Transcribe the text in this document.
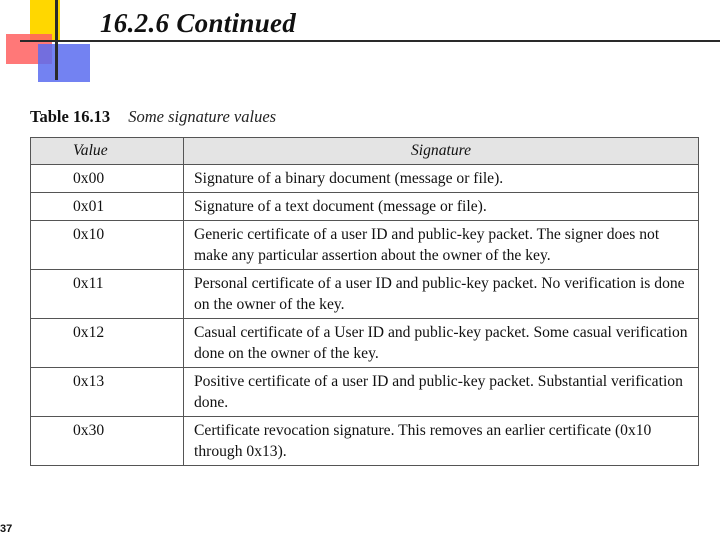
16.2.6 Continued
Table 16.13 Some signature values
Value	Signature
0x00	Signature of a binary document (message or file).
0x01	Signature of a text document (message or file).
0x10	Generic certificate of a user ID and public-key packet. The signer does not make any particular assertion about the owner of the key.
0x11	Personal certificate of a user ID and public-key packet. No verification is done on the owner of the key.
0x12	Casual certificate of a User ID and public-key packet. Some casual verification done on the owner of the key.
0x13	Positive certificate of a user ID and public-key packet. Substantial verification done.
0x30	Certificate revocation signature. This removes an earlier certificate (0x10 through 0x13).
37
